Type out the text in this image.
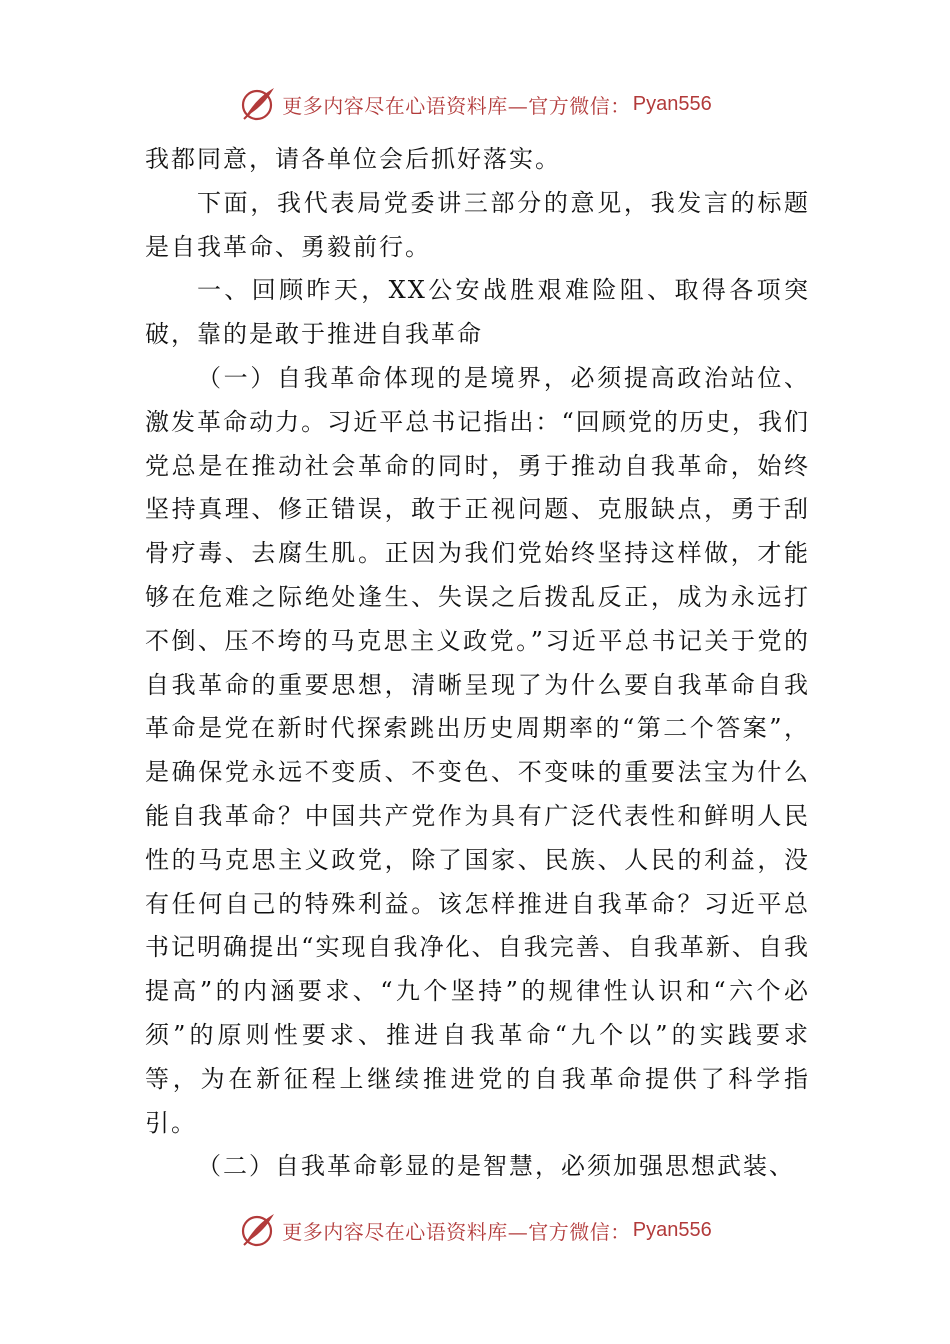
更多内容尽在心语资料库—官方微信： Pyan556

我都同意，请各单位会后抓好落实。

下面，我代表局党委讲三部分的意见，我发言的标题是自我革命、勇毅前行。

一、回顾昨天，XX公安战胜艰难险阻、取得各项突破，靠的是敢于推进自我革命

（一）自我革命体现的是境界，必须提高政治站位、激发革命动力。习近平总书记指出：“回顾党的历史，我们党总是在推动社会革命的同时，勇于推动自我革命，始终坚持真理、修正错误，敢于正视问题、克服缺点，勇于刮骨疗毒、去腐生肌。正因为我们党始终坚持这样做，才能够在危难之际绝处逢生、失误之后拨乱反正，成为永远打不倒、压不垮的马克思主义政党。”习近平总书记关于党的自我革命的重要思想，清晰呈现了为什么要自我革命自我革命是党在新时代探索跳出历史周期率的“第二个答案”，是确保党永远不变质、不变色、不变味的重要法宝为什么能自我革命？中国共产党作为具有广泛代表性和鲜明人民性的马克思主义政党，除了国家、民族、人民的利益，没有任何自己的特殊利益。该怎样推进自我革命？习近平总书记明确提出“实现自我净化、自我完善、自我革新、自我提高”的内涵要求、“九个坚持”的规律性认识和“六个必须”的原则性要求、推进自我革命“九个以”的实践要求等，为在新征程上继续推进党的自我革命提供了科学指引。

（二）自我革命彰显的是智慧，必须加强思想武装、

更多内容尽在心语资料库—官方微信： Pyan556
